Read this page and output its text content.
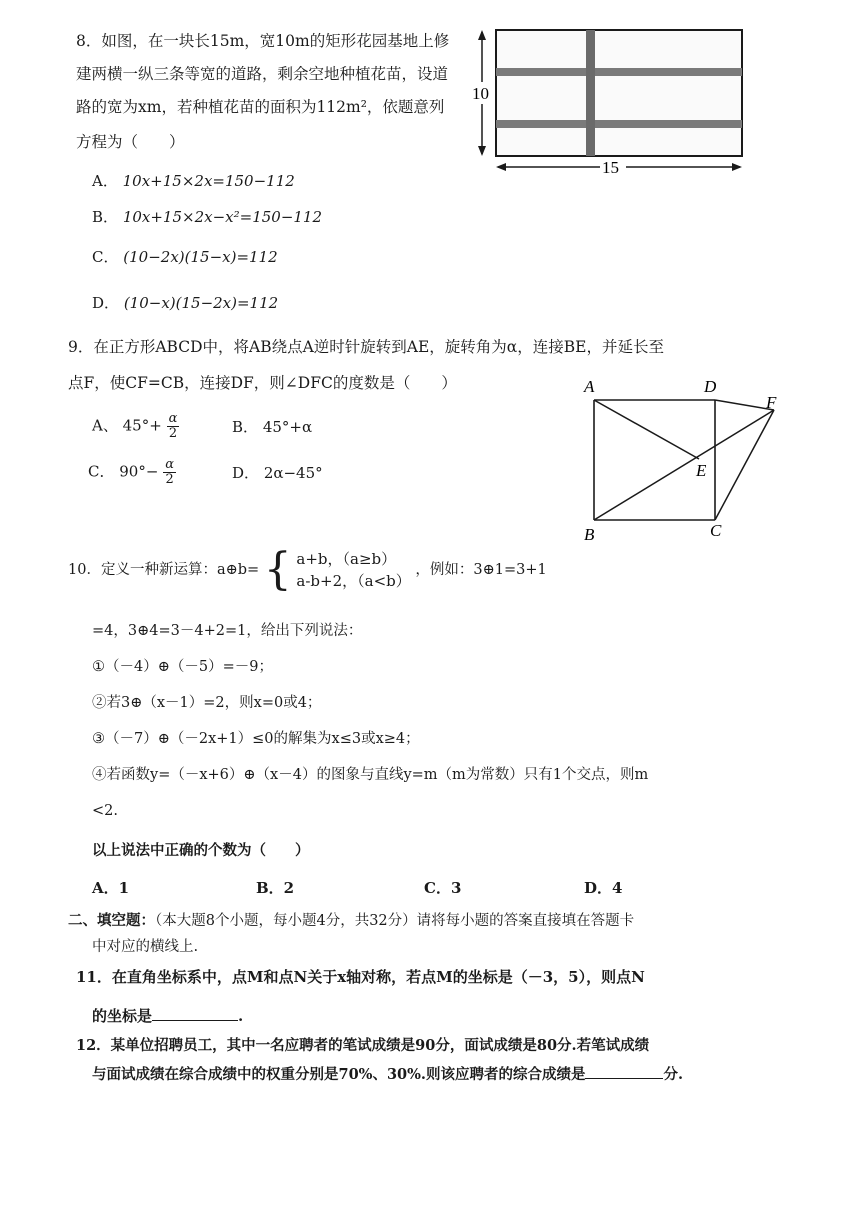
8．如图，在一块长15m，宽10m的矩形花园基地上修
建两横一纵三条等宽的道路，剩余空地种植花苗，设道
路的宽为xm，若种植花苗的面积为112m²，依题意列
方程为（　　）
A． 10x+15×2x=150−112
B． 10x+15×2x−x²=150−112
C． (10−2x)(15−x)=112
D． (10−x)(15−2x)=112
10
15
9．在正方形ABCD中，将AB绕点A逆时针旋转到AE，旋转角为α，连接BE，并延长至
点F，使CF=CB，连接DF，则∠DFC的度数是（　　）
A、 $45^\circ+ \frac{\alpha}{2}$	B． 45°+α
C． $90^\circ- \frac{\alpha}{2}$	D． 2α−45°
A	D
F
E
B	C
10．定义一种新运算：a⊕b= { a+b，（a≥b）
a-b+2，（a<b）
，例如：3⊕1=3+1
=4，3⊕4=3－4+2=1，给出下列说法：
①（－4）⊕（－5）=－9；
②若3⊕（x－1）=2，则x=0或4；
③（－7）⊕（－2x+1）≤0的解集为x≤3或x≥4；
④若函数y=（－x+6）⊕（x－4）的图象与直线y=m（m为常数）只有1个交点，则m
<2.
以上说法中正确的个数为（　　）
A．1	B．2	C．3	D．4
二、填空题：（本大题8个小题，每小题4分，共32分）请将每小题的答案直接填在答题卡
中对应的横线上.
11．在直角坐标系中，点M和点N关于x轴对称，若点M的坐标是（－3，5），则点N
的坐标是	.
12．某单位招聘员工，其中一名应聘者的笔试成绩是90分，面试成绩是80分.若笔试成绩
与面试成绩在综合成绩中的权重分别是70%、30%.则该应聘者的综合成绩是	分.
